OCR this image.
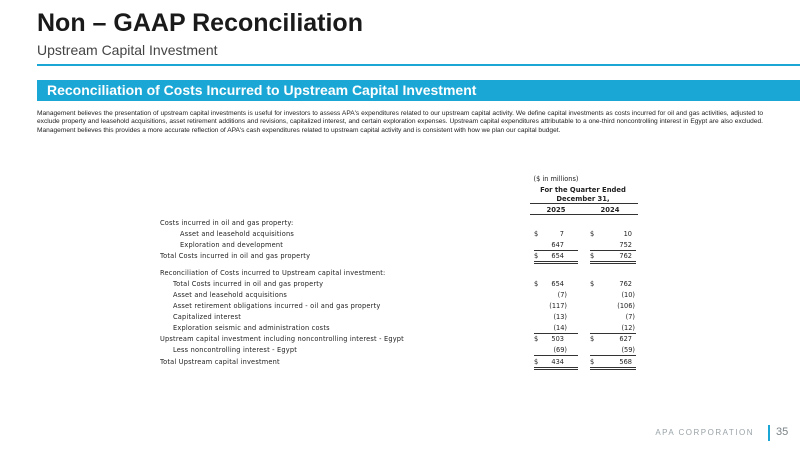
Non – GAAP Reconciliation
Upstream Capital Investment
Reconciliation of Costs Incurred to Upstream Capital Investment
Management believes the presentation of upstream capital investments is useful for investors to assess APA's expenditures related to our upstream capital activity. We define capital investments as costs incurred for oil and gas activities, adjusted to exclude property and leasehold acquisitions, asset retirement additions and revisions, capitalized interest, and certain exploration expenses. Upstream capital expenditures attributable to a one-third noncontrolling interest in Egypt are also excluded. Management believes this provides a more accurate reflection of APA's cash expenditures related to upstream capital activity and is consistent with how we plan our capital budget.
($ in millions)
For the Quarter Ended
December 31,
2025	2024
Costs incurred in oil and gas property:
Asset and leasehold acquisitions	$	7	$	10
Exploration and development	647	752
Total Costs incurred in oil and gas property	$	654	$	762
Reconciliation of Costs incurred to Upstream capital investment:
Total Costs incurred in oil and gas property	$	654	$	762
Asset and leasehold acquisitions	(7)	(10)
Asset retirement obligations incurred - oil and gas property	(117)	(106)
Capitalized interest	(13)	(7)
Exploration seismic and administration costs	(14)	(12)
Upstream capital investment including noncontrolling interest - Egypt	$	503	$	627
Less noncontrolling interest - Egypt	(69)	(59)
Total Upstream capital investment	$	434	$	568
APA CORPORATION 35
